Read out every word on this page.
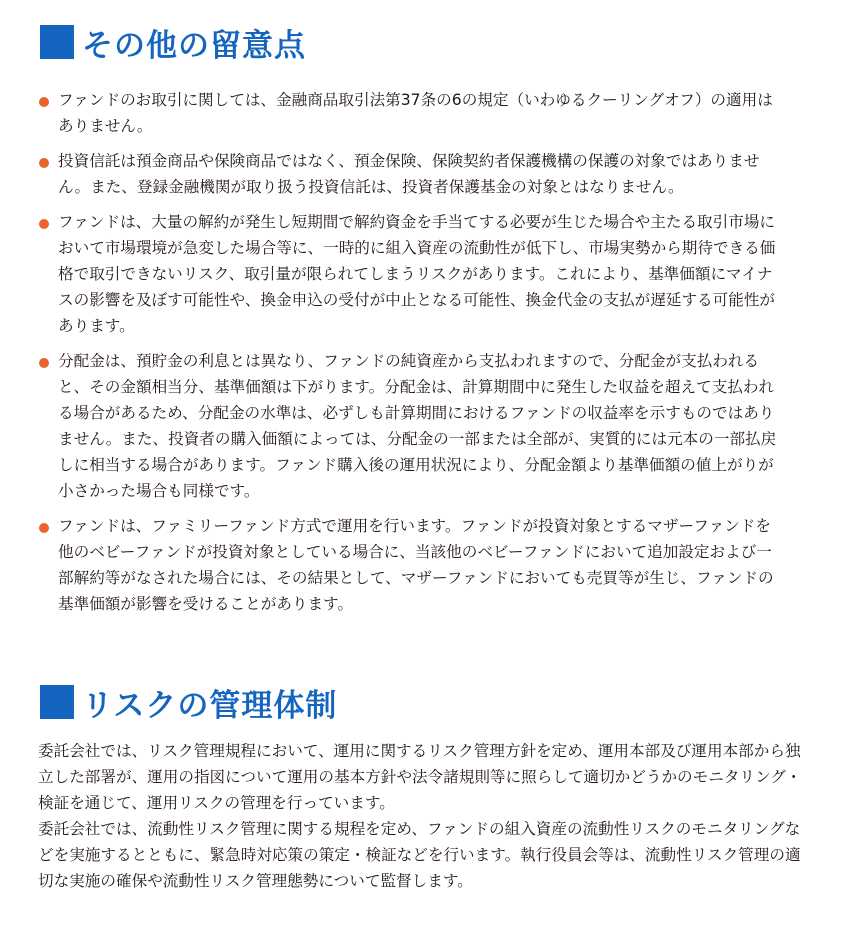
その他の留意点
ファンドのお取引に関しては、金融商品取引法第37条の6の規定（いわゆるクーリングオフ）の適用はありません。
投資信託は預金商品や保険商品ではなく、預金保険、保険契約者保護機構の保護の対象ではありません。また、登録金融機関が取り扱う投資信託は、投資者保護基金の対象とはなりません。
ファンドは、大量の解約が発生し短期間で解約資金を手当てする必要が生じた場合や主たる取引市場において市場環境が急変した場合等に、一時的に組入資産の流動性が低下し、市場実勢から期待できる価格で取引できないリスク、取引量が限られてしまうリスクがあります。これにより、基準価額にマイナスの影響を及ぼす可能性や、換金申込の受付が中止となる可能性、換金代金の支払が遅延する可能性があります。
分配金は、預貯金の利息とは異なり、ファンドの純資産から支払われますので、分配金が支払われると、その金額相当分、基準価額は下がります。分配金は、計算期間中に発生した収益を超えて支払われる場合があるため、分配金の水準は、必ずしも計算期間におけるファンドの収益率を示すものではありません。また、投資者の購入価額によっては、分配金の一部または全部が、実質的には元本の一部払戻しに相当する場合があります。ファンド購入後の運用状況により、分配金額より基準価額の値上がりが小さかった場合も同様です。
ファンドは、ファミリーファンド方式で運用を行います。ファンドが投資対象とするマザーファンドを他のベビーファンドが投資対象としている場合に、当該他のベビーファンドにおいて追加設定および一部解約等がなされた場合には、その結果として、マザーファンドにおいても売買等が生じ、ファンドの基準価額が影響を受けることがあります。
リスクの管理体制

委託会社では、リスク管理規程において、運用に関するリスク管理方針を定め、運用本部及び運用本部から独立した部署が、運用の指図について運用の基本方針や法令諸規則等に照らして適切かどうかのモニタリング・検証を通じて、運用リスクの管理を行っています。

委託会社では、流動性リスク管理に関する規程を定め、ファンドの組入資産の流動性リスクのモニタリングなどを実施するとともに、緊急時対応策の策定・検証などを行います。執行役員会等は、流動性リスク管理の適切な実施の確保や流動性リスク管理態勢について監督します。
